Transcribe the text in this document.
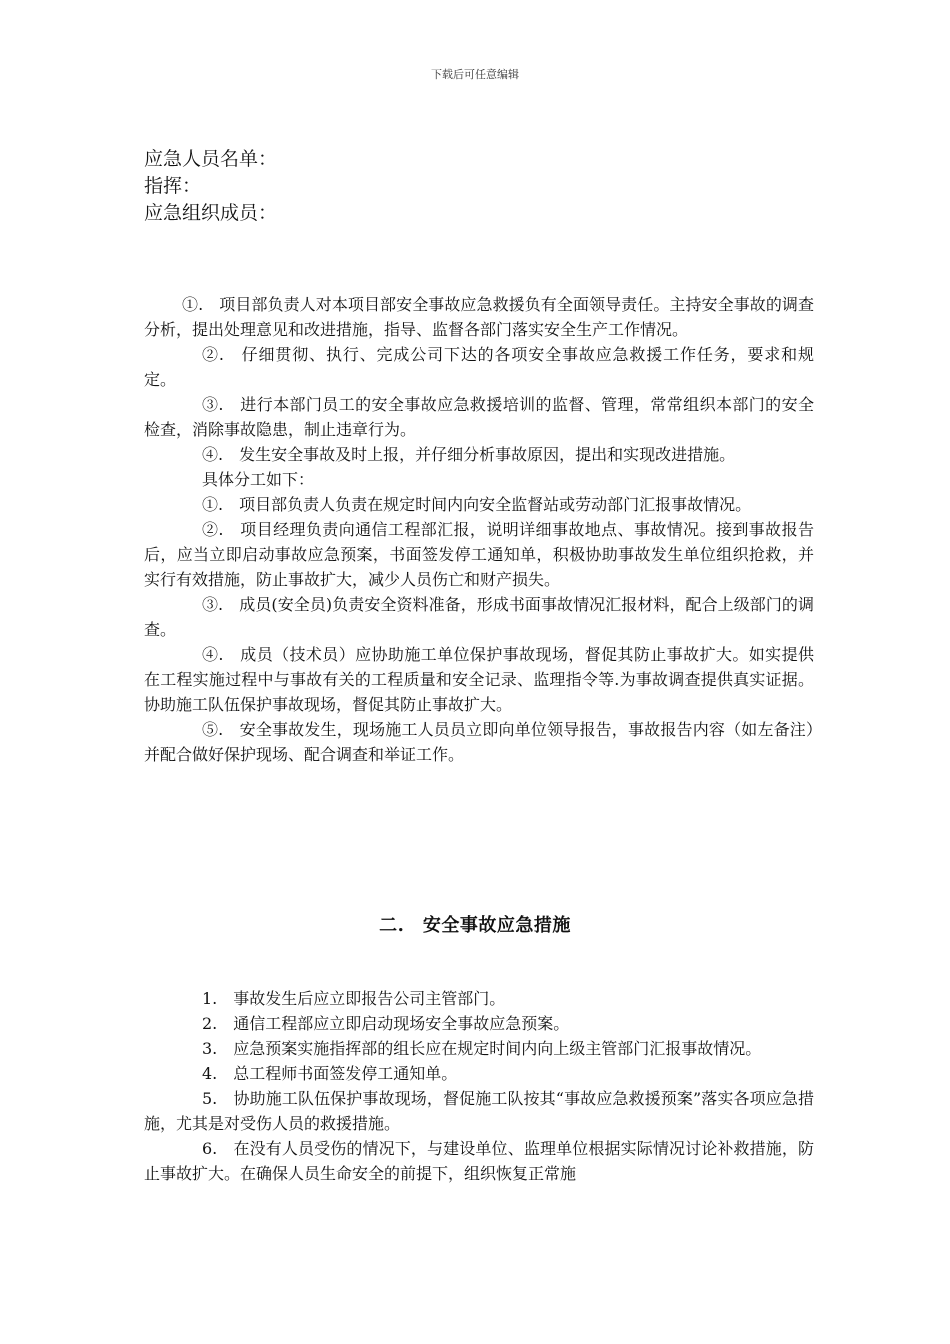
下载后可任意编辑
应急人员名单：
指挥：
应急组织成员：

①.　项目部负责人对本项目部安全事故应急救援负有全面领导责任。主持安全事故的调查分析，提出处理意见和改进措施，指导、监督各部门落实安全生产工作情况。

②.　仔细贯彻、执行、完成公司下达的各项安全事故应急救援工作任务，要求和规定。

③.　进行本部门员工的安全事故应急救援培训的监督、管理，常常组织本部门的安全检查，消除事故隐患，制止违章行为。

④.　发生安全事故及时上报，并仔细分析事故原因，提出和实现改进措施。

具体分工如下：

①.　项目部负责人负责在规定时间内向安全监督站或劳动部门汇报事故情况。

②.　项目经理负责向通信工程部汇报，说明详细事故地点、事故情况。接到事故报告后，应当立即启动事故应急预案，书面签发停工通知单，积极协助事故发生单位组织抢救，并实行有效措施，防止事故扩大，减少人员伤亡和财产损失。

③.　成员(安全员)负责安全资料准备，形成书面事故情况汇报材料，配合上级部门的调查。

④.　成员（技术员）应协助施工单位保护事故现场，督促其防止事故扩大。如实提供在工程实施过程中与事故有关的工程质量和安全记录、监理指令等.为事故调查提供真实证据。协助施工队伍保护事故现场，督促其防止事故扩大。

⑤.　安全事故发生，现场施工人员员立即向单位领导报告，事故报告内容（如左备注）并配合做好保护现场、配合调查和举证工作。

二.　安全事故应急措施

1.　事故发生后应立即报告公司主管部门。

2.　通信工程部应立即启动现场安全事故应急预案。

3.　应急预案实施指挥部的组长应在规定时间内向上级主管部门汇报事故情况。

4.　总工程师书面签发停工通知单。

5.　协助施工队伍保护事故现场，督促施工队按其“事故应急救援预案”落实各项应急措施，尤其是对受伤人员的救援措施。

6.　在没有人员受伤的情况下，与建设单位、监理单位根据实际情况讨论补救措施，防止事故扩大。在确保人员生命安全的前提下，组织恢复正常施
